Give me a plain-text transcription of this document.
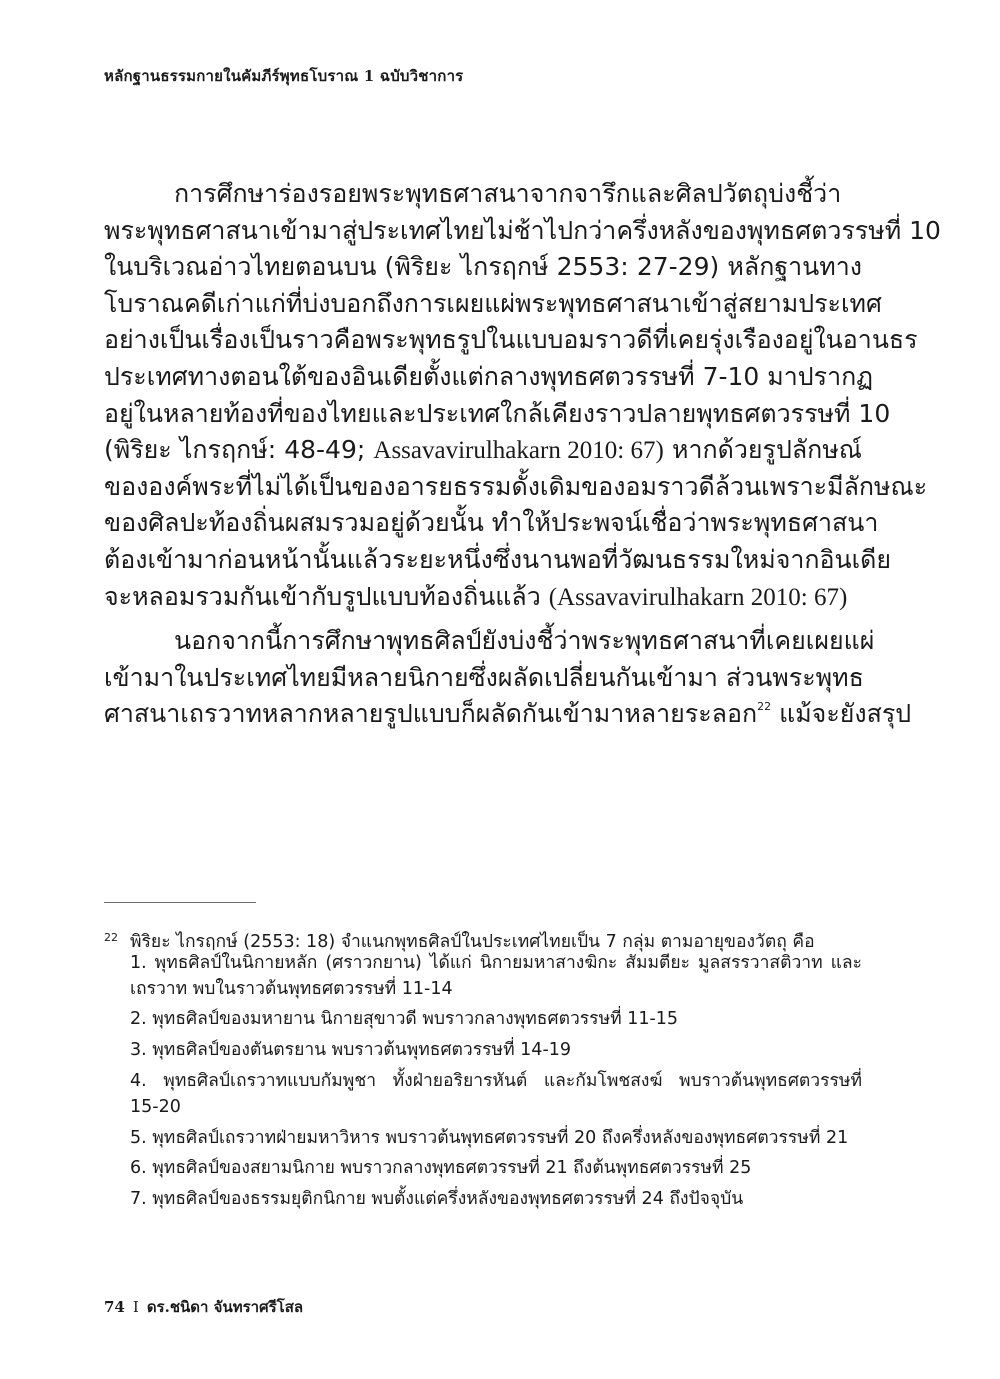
หลักฐานธรรมกายในคัมภีร์พุทธโบราณ 1 ฉบับวิชาการ
การศึกษาร่องรอยพระพุทธศาสนาจากจารึกและศิลปวัตถุบ่งชี้ว่า
พระพุทธศาสนาเข้ามาสู่ประเทศไทยไม่ช้าไปกว่าครึ่งหลังของพุทธศตวรรษที่ 10
ในบริเวณอ่าวไทยตอนบน (พิริยะ ไกรฤกษ์ 2553: 27-29) หลักฐานทาง
โบราณคดีเก่าแก่ที่บ่งบอกถึงการเผยแผ่พระพุทธศาสนาเข้าสู่สยามประเทศ
อย่างเป็นเรื่องเป็นราวคือพระพุทธรูปในแบบอมราวดีที่เคยรุ่งเรืองอยู่ในอานธร
ประเทศทางตอนใต้ของอินเดียตั้งแต่กลางพุทธศตวรรษที่ 7-10 มาปรากฏ
อยู่ในหลายท้องที่ของไทยและประเทศใกล้เคียงราวปลายพุทธศตวรรษที่ 10
(พิริยะ ไกรฤกษ์: 48-49; Assavavirulhakarn 2010: 67) หากด้วยรูปลักษณ์
ขององค์พระที่ไม่ได้เป็นของอารยธรรมดั้งเดิมของอมราวดีล้วนเพราะมีลักษณะ
ของศิลปะท้องถิ่นผสมรวมอยู่ด้วยนั้น ทำให้ประพจน์เชื่อว่าพระพุทธศาสนา
ต้องเข้ามาก่อนหน้านั้นแล้วระยะหนึ่งซึ่งนานพอที่วัฒนธรรมใหม่จากอินเดีย
จะหลอมรวมกันเข้ากับรูปแบบท้องถิ่นแล้ว (Assavavirulhakarn 2010: 67)
นอกจากนี้การศึกษาพุทธศิลป์ยังบ่งชี้ว่าพระพุทธศาสนาที่เคยเผยแผ่
เข้ามาในประเทศไทยมีหลายนิกายซึ่งผลัดเปลี่ยนกันเข้ามา ส่วนพระพุทธ
ศาสนาเถรวาทหลากหลายรูปแบบก็ผลัดกันเข้ามาหลายระลอก$^{22}$ แม้จะยังสรุป
22 พิริยะ ไกรฤกษ์ (2553: 18) จำแนกพุทธศิลป์ในประเทศไทยเป็น 7 กลุ่ม ตามอายุของวัตถุ คือ
1. พุทธศิลป์ในนิกายหลัก (ศราวกยาน) ได้แก่ นิกายมหาสางฆิกะ สัมมตียะ มูลสรรวาสติวาท และ
เถรวาท พบในราวต้นพุทธศตวรรษที่ 11-14
2. พุทธศิลป์ของมหายาน นิกายสุขาวดี พบราวกลางพุทธศตวรรษที่ 11-15
3. พุทธศิลป์ของตันตรยาน พบราวต้นพุทธศตวรรษที่ 14-19
4. พุทธศิลป์เถรวาทแบบกัมพูชา ทั้งฝ่ายอริยารหันต์ และกัมโพชสงฆ์ พบราวต้นพุทธศตวรรษที่
15-20
5. พุทธศิลป์เถรวาทฝ่ายมหาวิหาร พบราวต้นพุทธศตวรรษที่ 20 ถึงครึ่งหลังของพุทธศตวรรษที่ 21
6. พุทธศิลป์ของสยามนิกาย พบราวกลางพุทธศตวรรษที่ 21 ถึงต้นพุทธศตวรรษที่ 25
7. พุทธศิลป์ของธรรมยุติกนิกาย พบตั้งแต่ครึ่งหลังของพุทธศตวรรษที่ 24 ถึงปัจจุบัน
74 I ดร.ชนิดา จันทราศรีโสล
